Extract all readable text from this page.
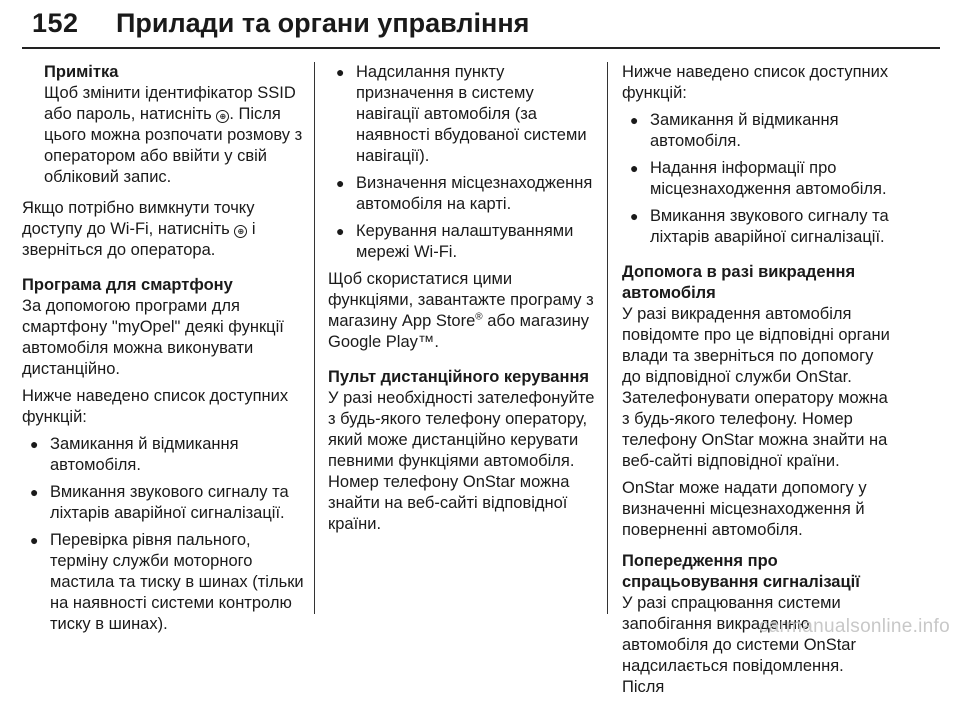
152 Прилади та органи управління
Примітка
Щоб змінити ідентифікатор SSID або пароль, натисніть ⊕ . Після цього можна розпочати розмову з оператором або ввійти у свій обліковий запис.

Якщо потрібно вимкнути точку доступу до Wi-Fi, натисніть ⊕ і зверніться до оператора.

Програма для смартфону

За допомогою програми для смартфону "myOpel" деякі функції автомобіля можна виконувати дистанційно.

Нижче наведено список доступних функцій:

● Замикання й відмикання автомобіля.
● Вмикання звукового сигналу та ліхтарів аварійної сигналізації.
● Перевірка рівня пального, терміну служби моторного мастила та тиску в шинах (тільки на наявності системи контролю тиску в шинах).
● Надсилання пункту призначення в систему навігації автомобіля (за наявності вбудованої системи навігації).
● Визначення місцезнаходження автомобіля на карті.
● Керування налаштуваннями мережі Wi-Fi.

Щоб скористатися цими функціями, завантажте програму з магазину App Store® або магазину Google Play™.

Пульт дистанційного керування

У разі необхідності зателефонуйте з будь-якого телефону оператору, який може дистанційно керувати певними функціями автомобіля. Номер телефону OnStar можна знайти на веб-сайті відповідної країни.

Нижче наведено список доступних функцій:

● Замикання й відмикання автомобіля.
● Надання інформації про місцезнаходження автомобіля.
● Вмикання звукового сигналу та ліхтарів аварійної сигналізації.
Допомога в разі викрадення автомобіля

У разі викрадення автомобіля повідомте про це відповідні органи влади та зверніться по допомогу до відповідної служби OnStar. Зателефонувати оператору можна з будь-якого телефону. Номер телефону OnStar можна знайти на веб-сайті відповідної країни.

OnStar може надати допомогу у визначенні місцезнаходження й поверненні автомобіля.

Попередження про спрацьовування сигналізації

У разі спрацювання системи запобігання викраденню автомобіля до системи OnStar надсилається повідомлення. Після

carmanualsonline.info
